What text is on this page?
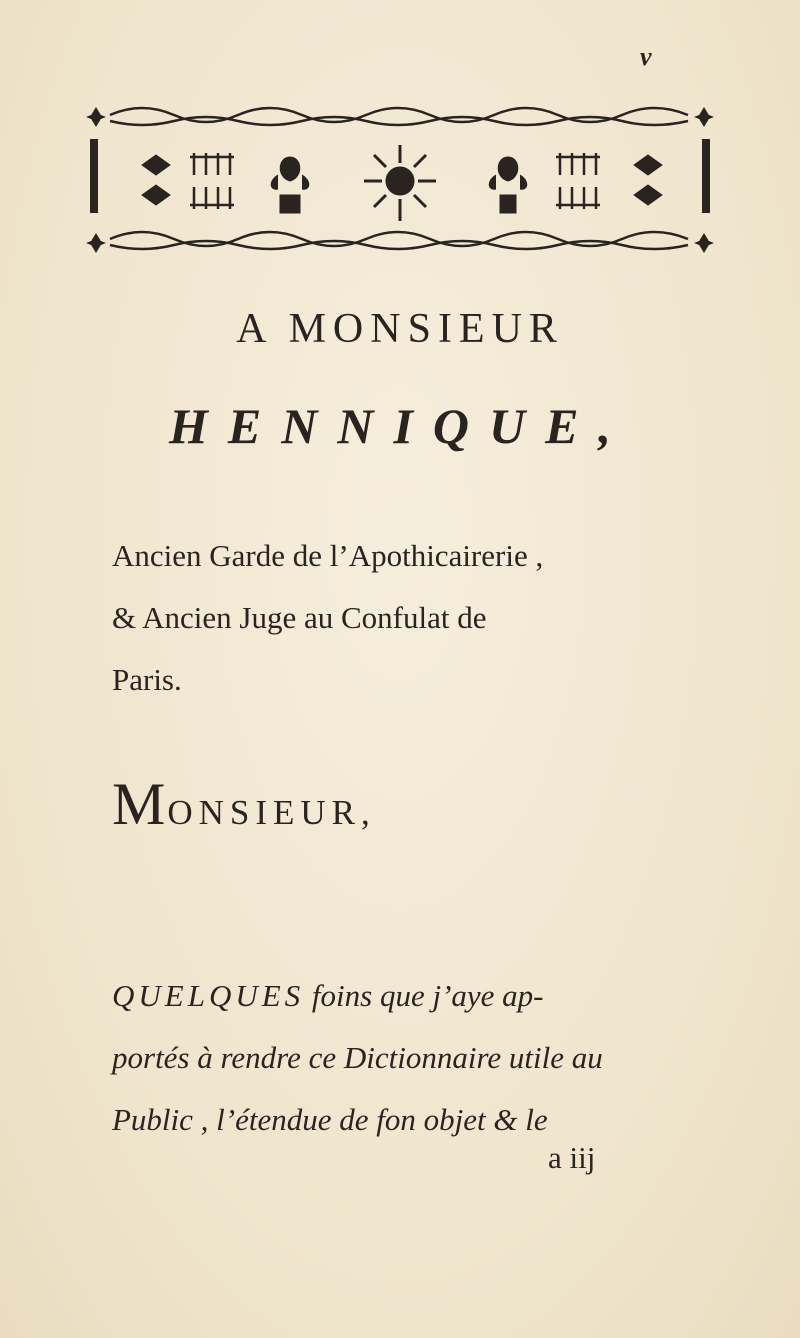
v
A MONSIEUR
HENNIQUE,
Ancien Garde de l’Apothicairerie ,
& Ancien Juge au Confulat de
Paris.
MONSIEUR,
QUELQUES foins que j’aye ap-
portés à rendre ce Dictionnaire utile au
Public , l’étendue de fon objet & le
a iij
